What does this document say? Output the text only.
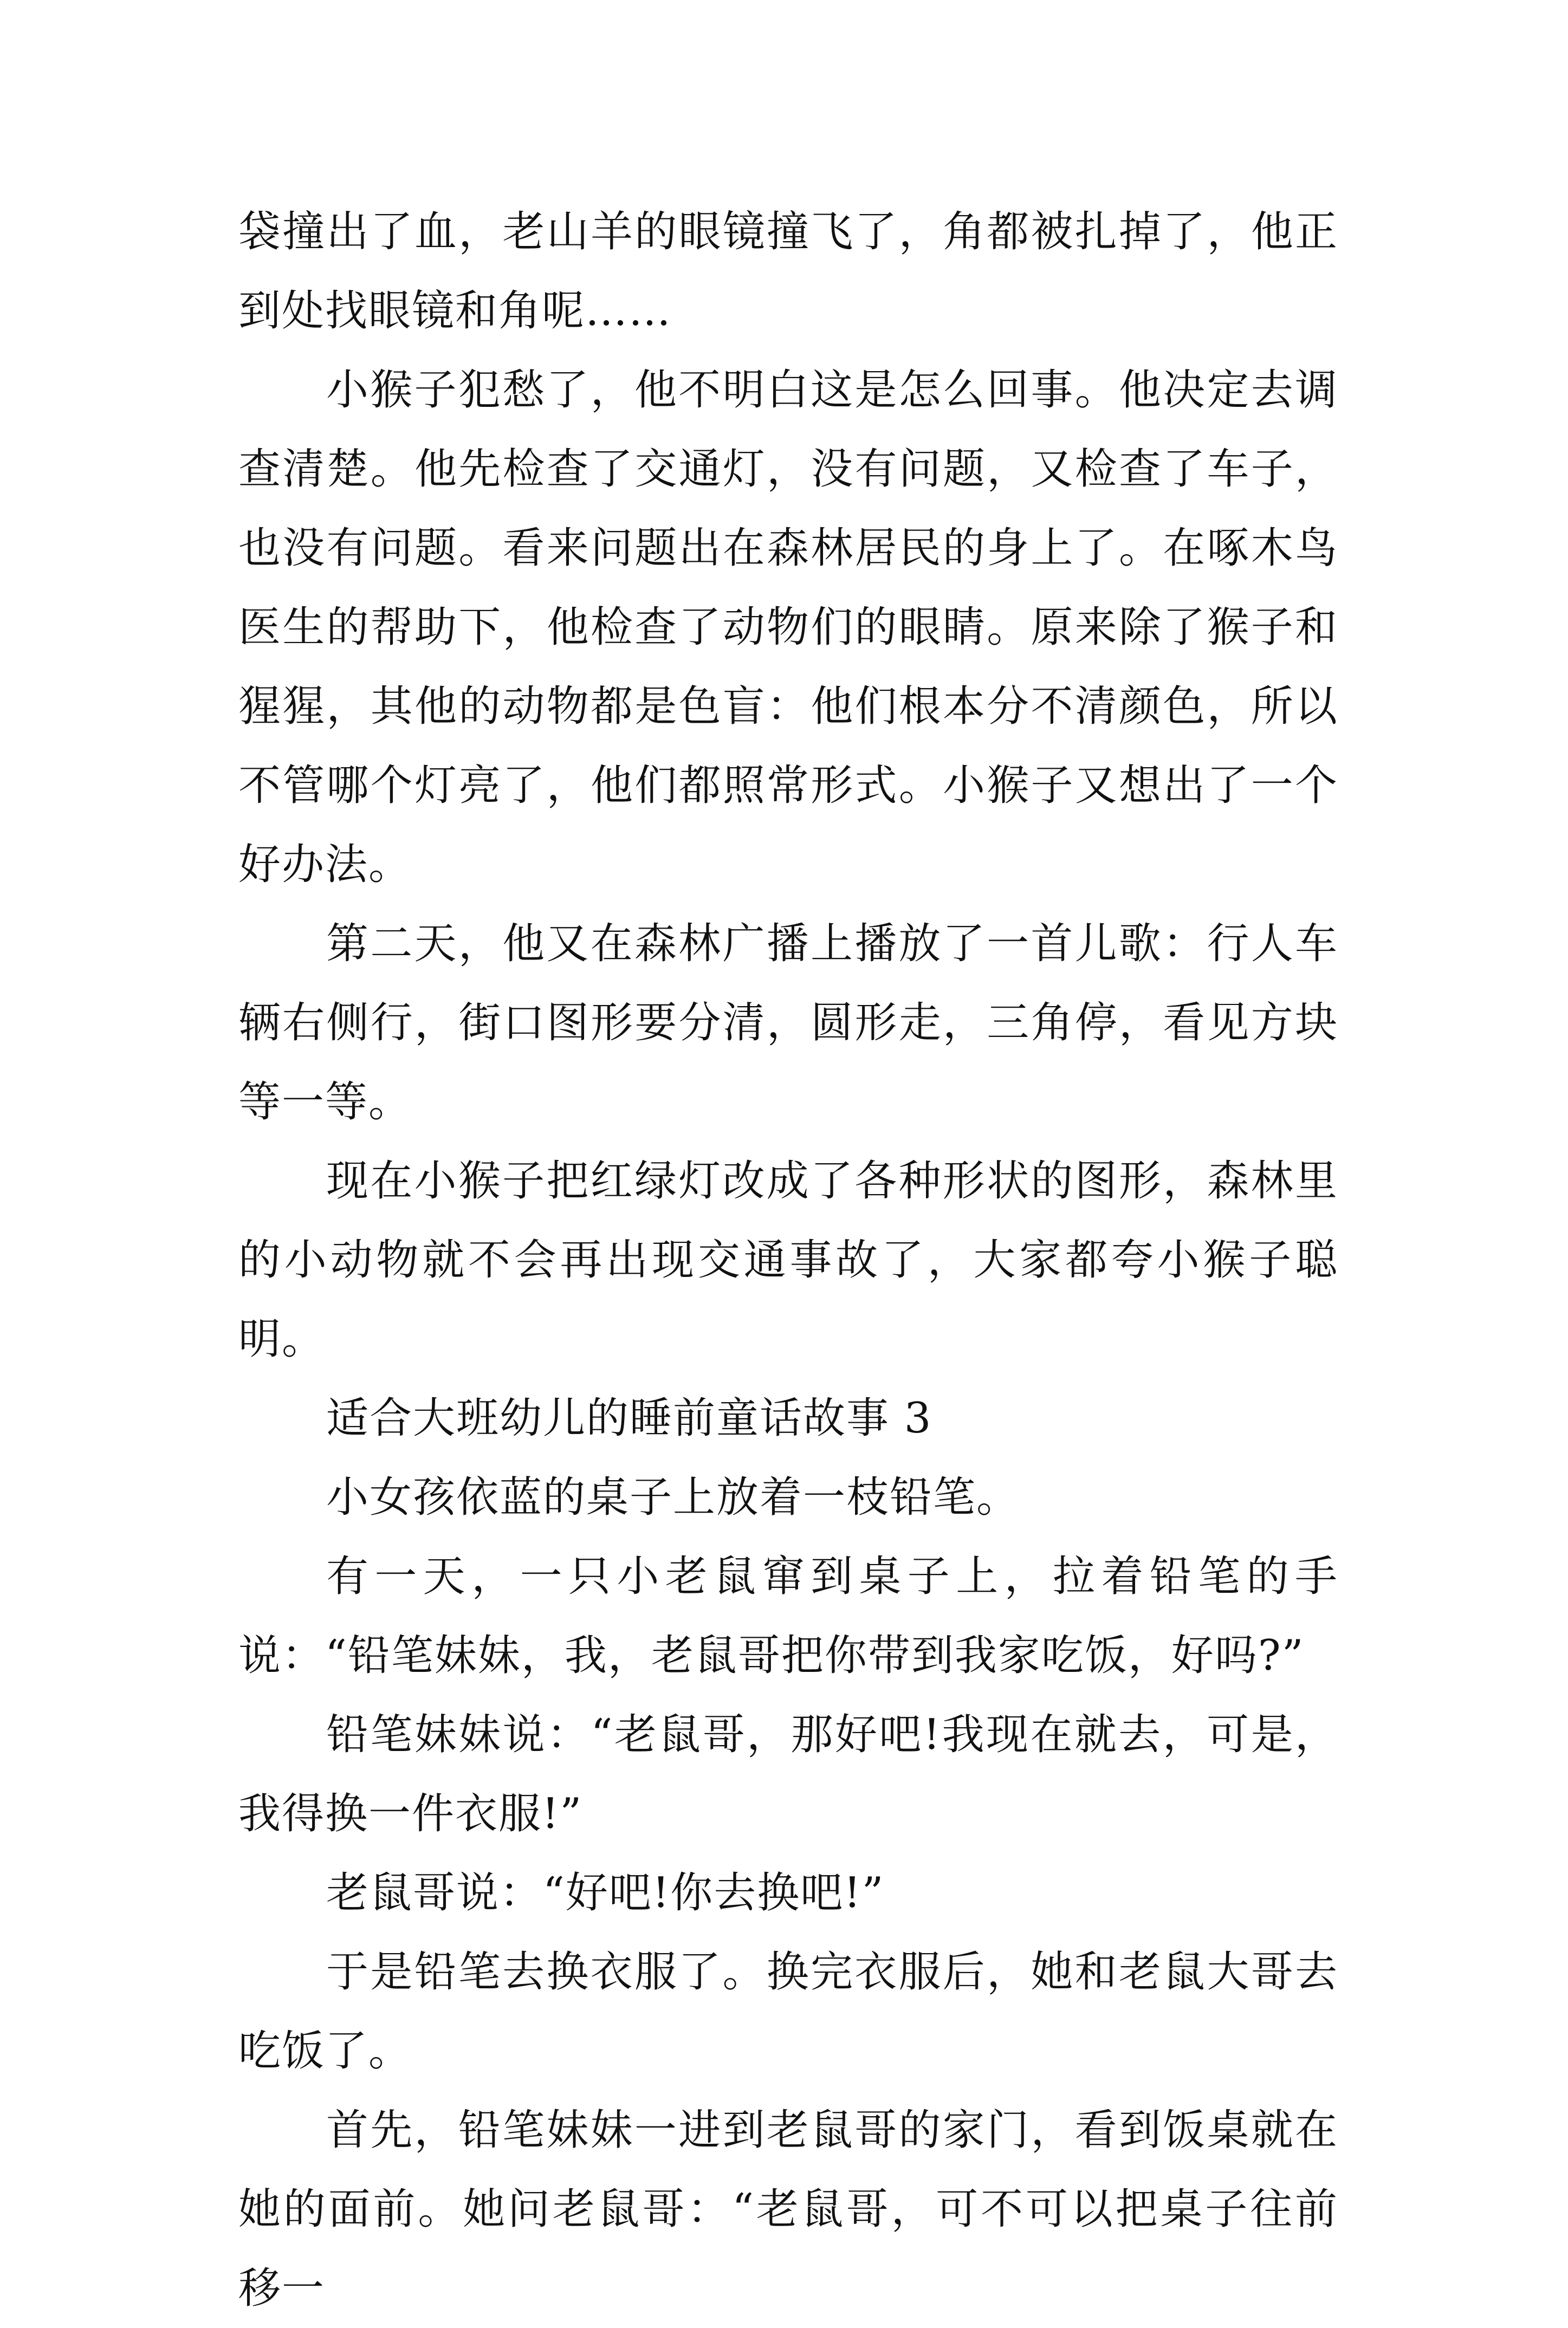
袋撞出了血，老山羊的眼镜撞飞了，角都被扎掉了，他正到处找眼镜和角呢……

小猴子犯愁了，他不明白这是怎么回事。他决定去调查清楚。他先检查了交通灯，没有问题，又检查了车子，也没有问题。看来问题出在森林居民的身上了。在啄木鸟医生的帮助下，他检查了动物们的眼睛。原来除了猴子和猩猩，其他的动物都是色盲：他们根本分不清颜色，所以不管哪个灯亮了，他们都照常形式。小猴子又想出了一个好办法。

第二天，他又在森林广播上播放了一首儿歌：行人车辆右侧行，街口图形要分清，圆形走，三角停，看见方块等一等。

现在小猴子把红绿灯改成了各种形状的图形，森林里的小动物就不会再出现交通事故了，大家都夸小猴子聪明。

适合大班幼儿的睡前童话故事 3

小女孩依蓝的桌子上放着一枝铅笔。

有一天，一只小老鼠窜到桌子上，拉着铅笔的手说：“铅笔妹妹，我，老鼠哥把你带到我家吃饭，好吗?”

铅笔妹妹说：“老鼠哥，那好吧!我现在就去，可是，我得换一件衣服!”

老鼠哥说：“好吧!你去换吧!”

于是铅笔去换衣服了。换完衣服后，她和老鼠大哥去吃饭了。

首先，铅笔妹妹一进到老鼠哥的家门，看到饭桌就在她的面前。她问老鼠哥：“老鼠哥，可不可以把桌子往前移一
